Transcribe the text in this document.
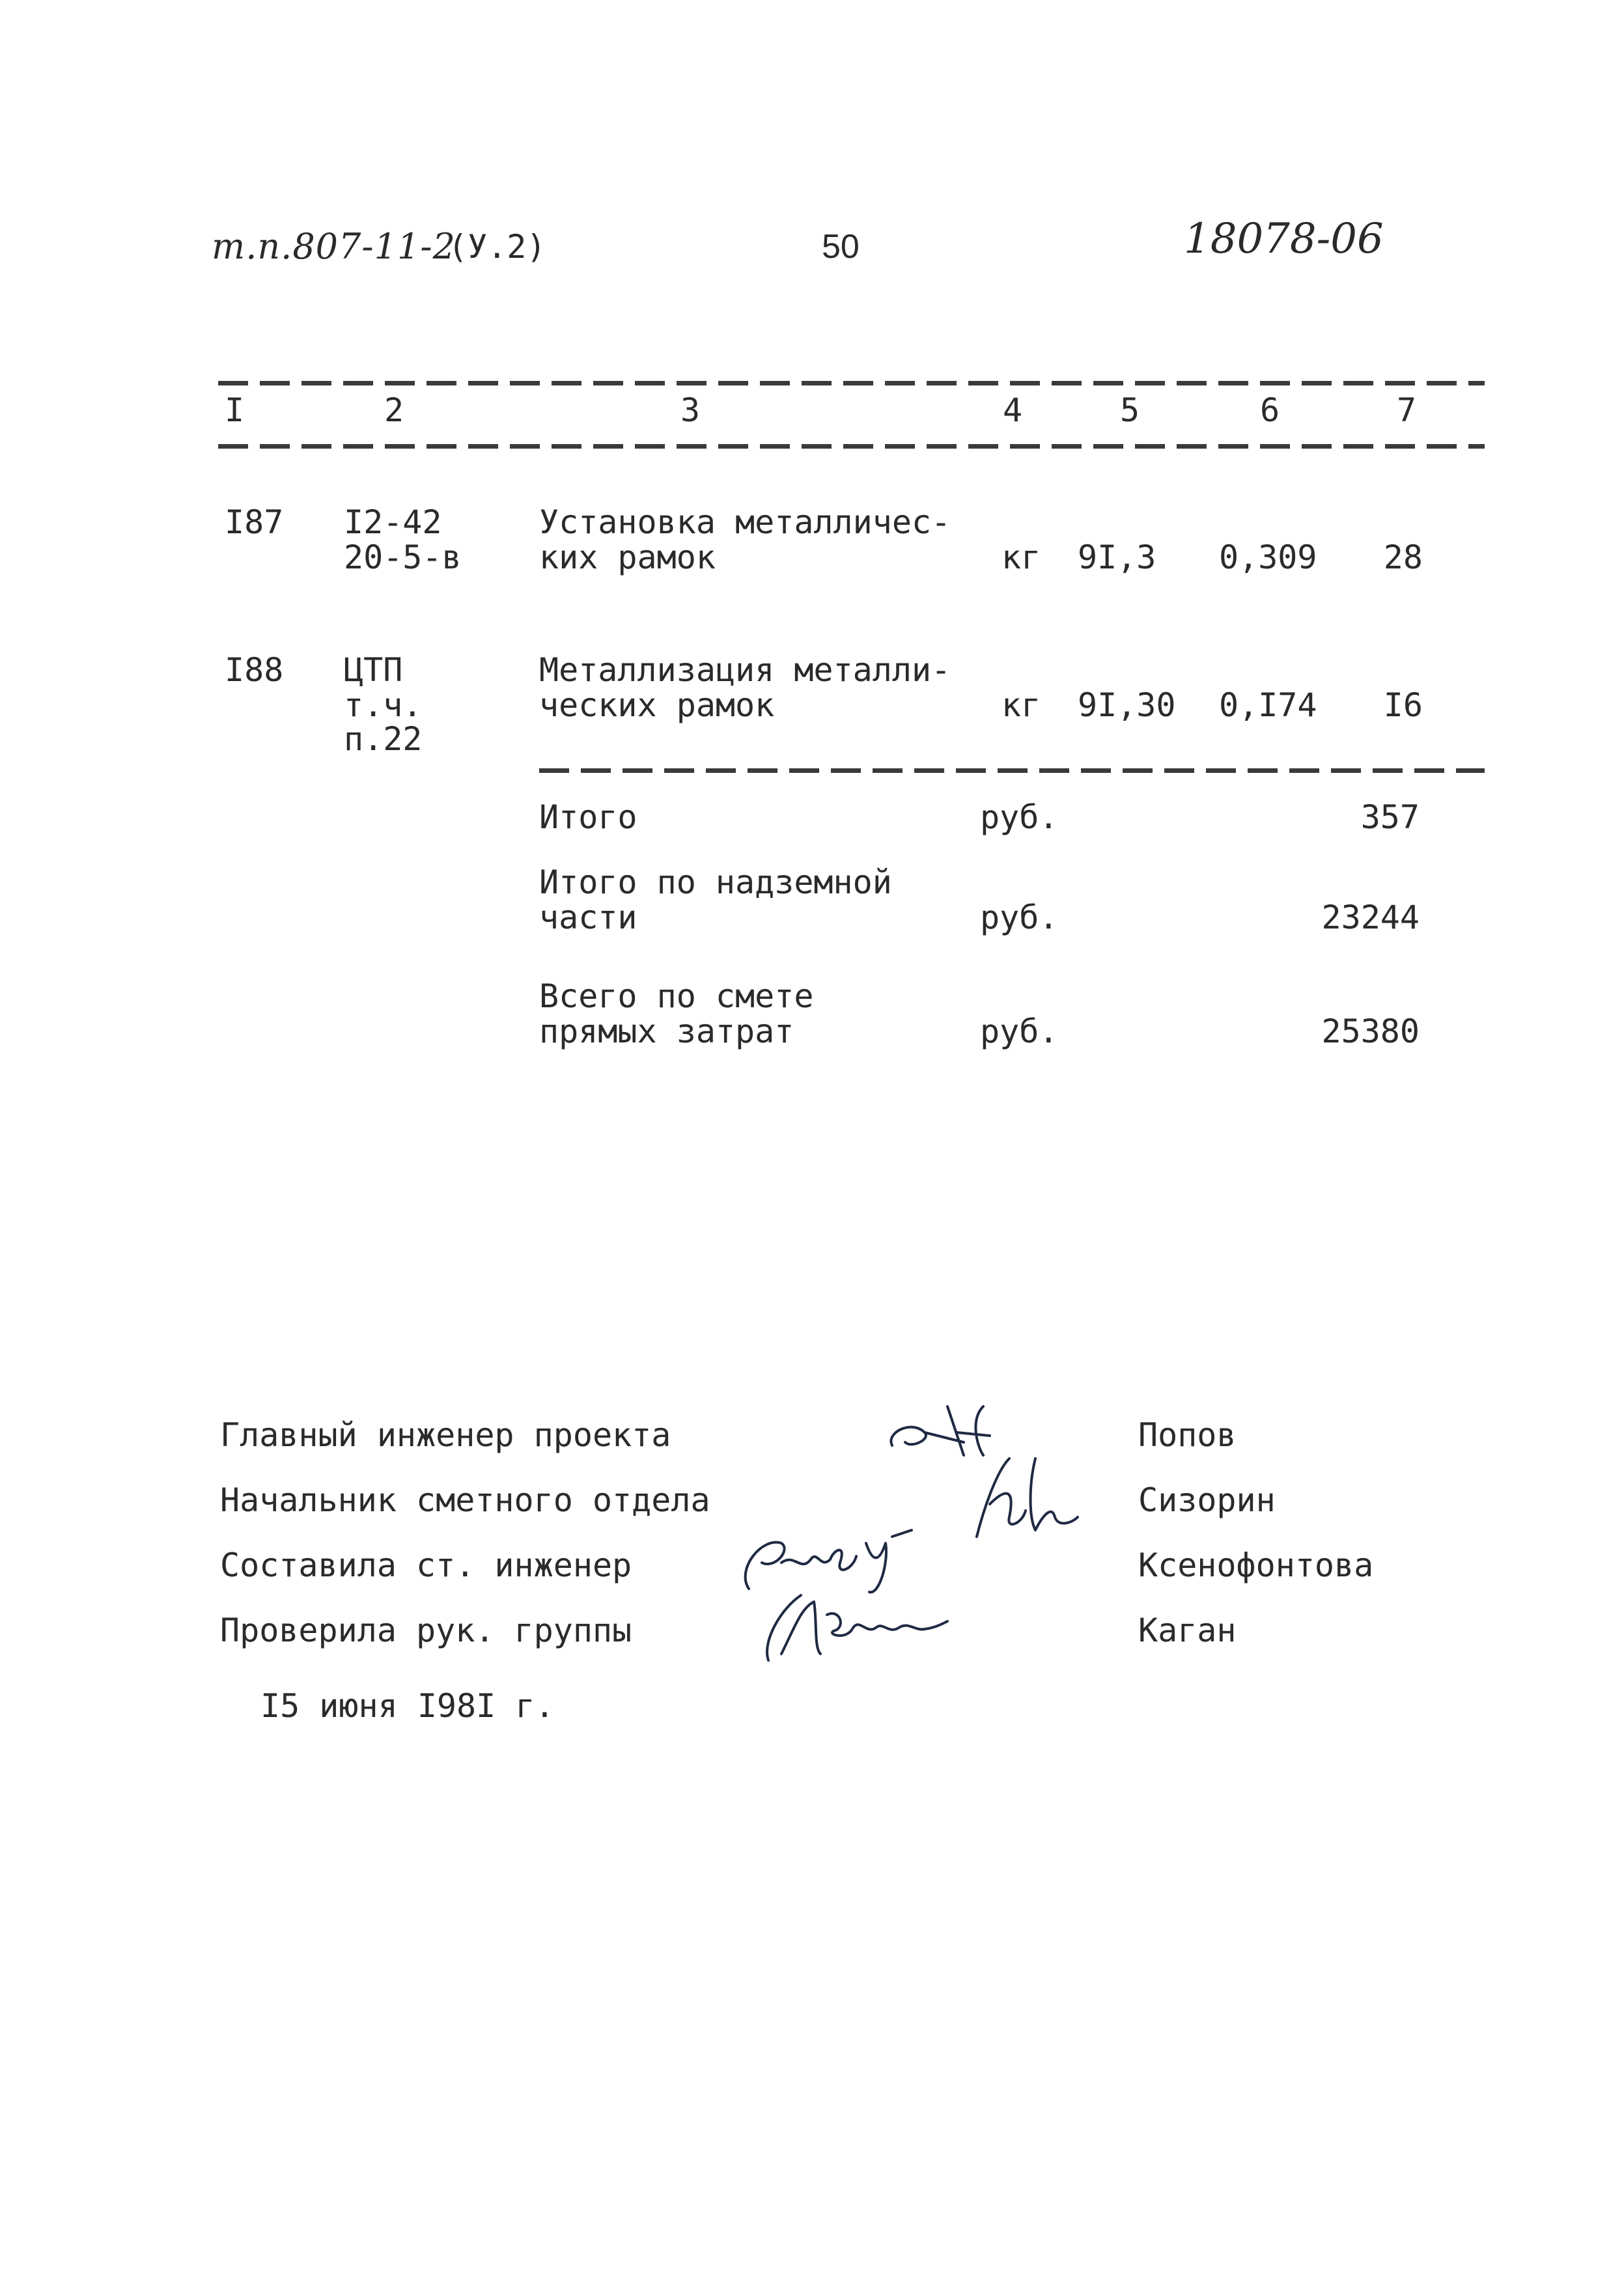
т.п.807-11-2
(У.2)	50	18078-06
I	2	3	4	5	6	7
I87 I2-42
20-5-в
Установка металличес-
ких рамок	кг 9I,3 0,309	28
I88 ЦТП
т.ч.
п.22
Металлизация металли-
ческих рамок	кг 9I,30 0,I74	I6
Итого	руб.	357
Итого по надземной
части	руб.	23244
Всего по смете
прямых затрат	руб.	25380
Главный инженер проекта	Попов
Начальник сметного отдела	Сизорин
Составила ст. инженер	Ксенофонтова
Проверила рук. группы	Каган
I5 июня I98I г.
